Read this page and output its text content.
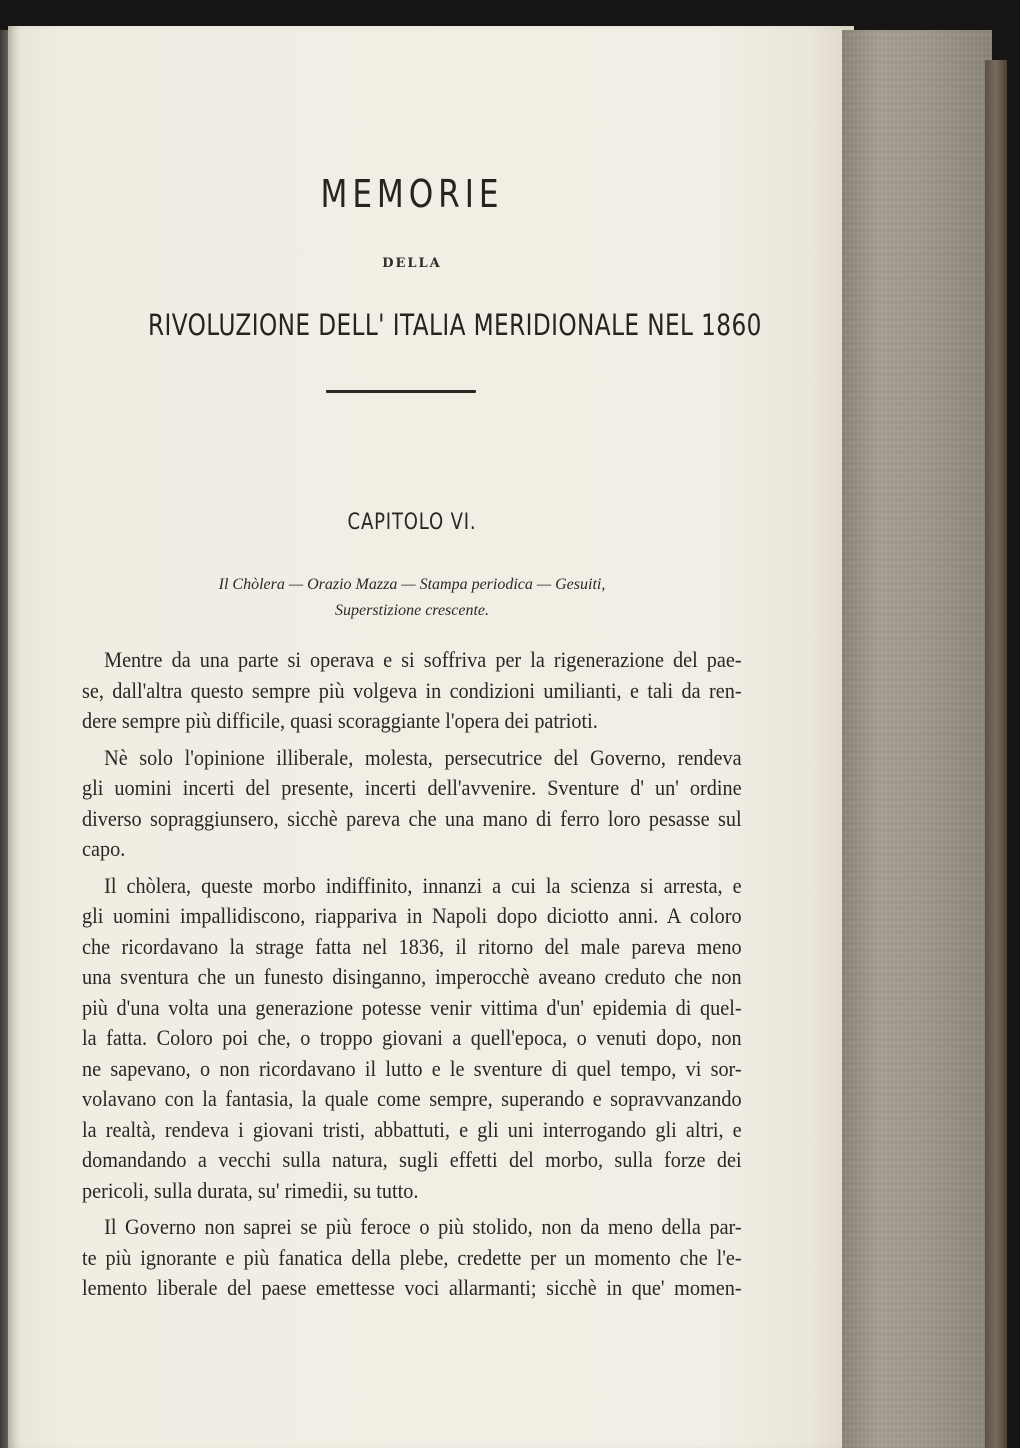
MEMORIE
DELLA
RIVOLUZIONE DELL' ITALIA MERIDIONALE NEL 1860
CAPITOLO VI.
Il Chòlera — Orazio Mazza — Stampa periodica — Gesuiti,
Superstizione crescente.
Mentre da una parte si operava e si soffriva per la rigenerazione del pae-
se, dall'altra questo sempre più volgeva in condizioni umilianti, e tali da ren-
dere sempre più difficile, quasi scoraggiante l'opera dei patrioti.
Nè solo l'opinione illiberale, molesta, persecutrice del Governo, rendeva
gli uomini incerti del presente, incerti dell'avvenire. Sventure d' un' ordine
diverso sopraggiunsero, sicchè pareva che una mano di ferro loro pesasse sul
capo.
Il chòlera, queste morbo indiffinito, innanzi a cui la scienza si arresta, e
gli uomini impallidiscono, riappariva in Napoli dopo diciotto anni. A coloro
che ricordavano la strage fatta nel 1836, il ritorno del male pareva meno
una sventura che un funesto disinganno, imperocchè aveano creduto che non
più d'una volta una generazione potesse venir vittima d'un' epidemia di quel-
la fatta. Coloro poi che, o troppo giovani a quell'epoca, o venuti dopo, non
ne sapevano, o non ricordavano il lutto e le sventure di quel tempo, vi sor-
volavano con la fantasia, la quale come sempre, superando e sopravvanzando
la realtà, rendeva i giovani tristi, abbattuti, e gli uni interrogando gli altri, e
domandando a vecchi sulla natura, sugli effetti del morbo, sulla forze dei
pericoli, sulla durata, su' rimedii, su tutto.
Il Governo non saprei se più feroce o più stolido, non da meno della par-
te più ignorante e più fanatica della plebe, credette per un momento che l'e-
lemento liberale del paese emettesse voci allarmanti; sicchè in que' momen-
